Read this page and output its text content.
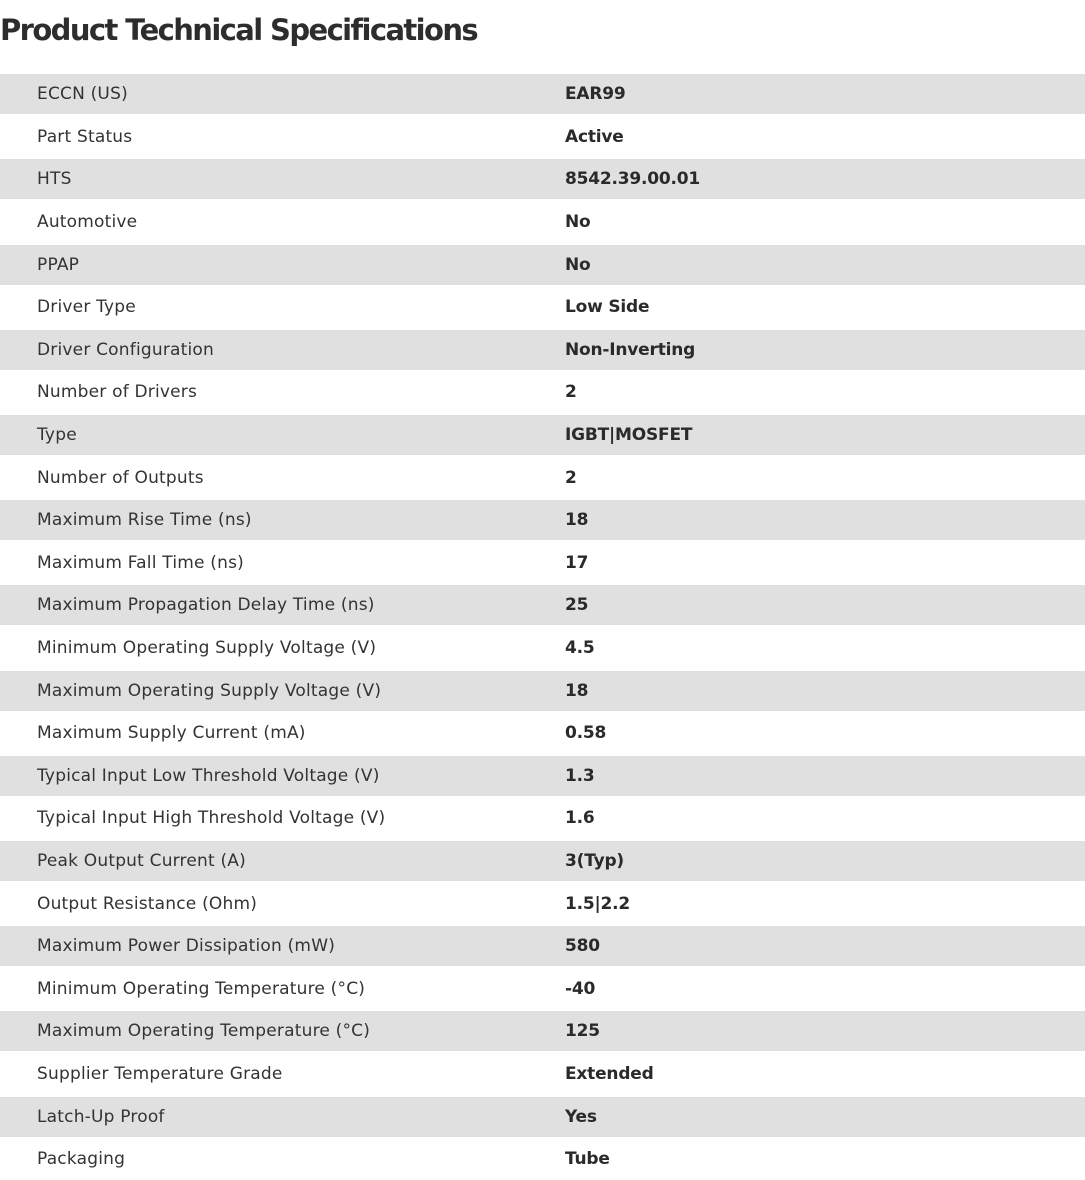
Product Technical Specifications
ECCN (US)	EAR99
Part Status	Active
HTS	8542.39.00.01
Automotive	No
PPAP	No
Driver Type	Low Side
Driver Configuration	Non-Inverting
Number of Drivers	2
Type	IGBT|MOSFET
Number of Outputs	2
Maximum Rise Time (ns)	18
Maximum Fall Time (ns)	17
Maximum Propagation Delay Time (ns)	25
Minimum Operating Supply Voltage (V)	4.5
Maximum Operating Supply Voltage (V)	18
Maximum Supply Current (mA)	0.58
Typical Input Low Threshold Voltage (V)	1.3
Typical Input High Threshold Voltage (V)	1.6
Peak Output Current (A)	3(Typ)
Output Resistance (Ohm)	1.5|2.2
Maximum Power Dissipation (mW)	580
Minimum Operating Temperature (°C)	-40
Maximum Operating Temperature (°C)	125
Supplier Temperature Grade	Extended
Latch-Up Proof	Yes
Packaging	Tube
